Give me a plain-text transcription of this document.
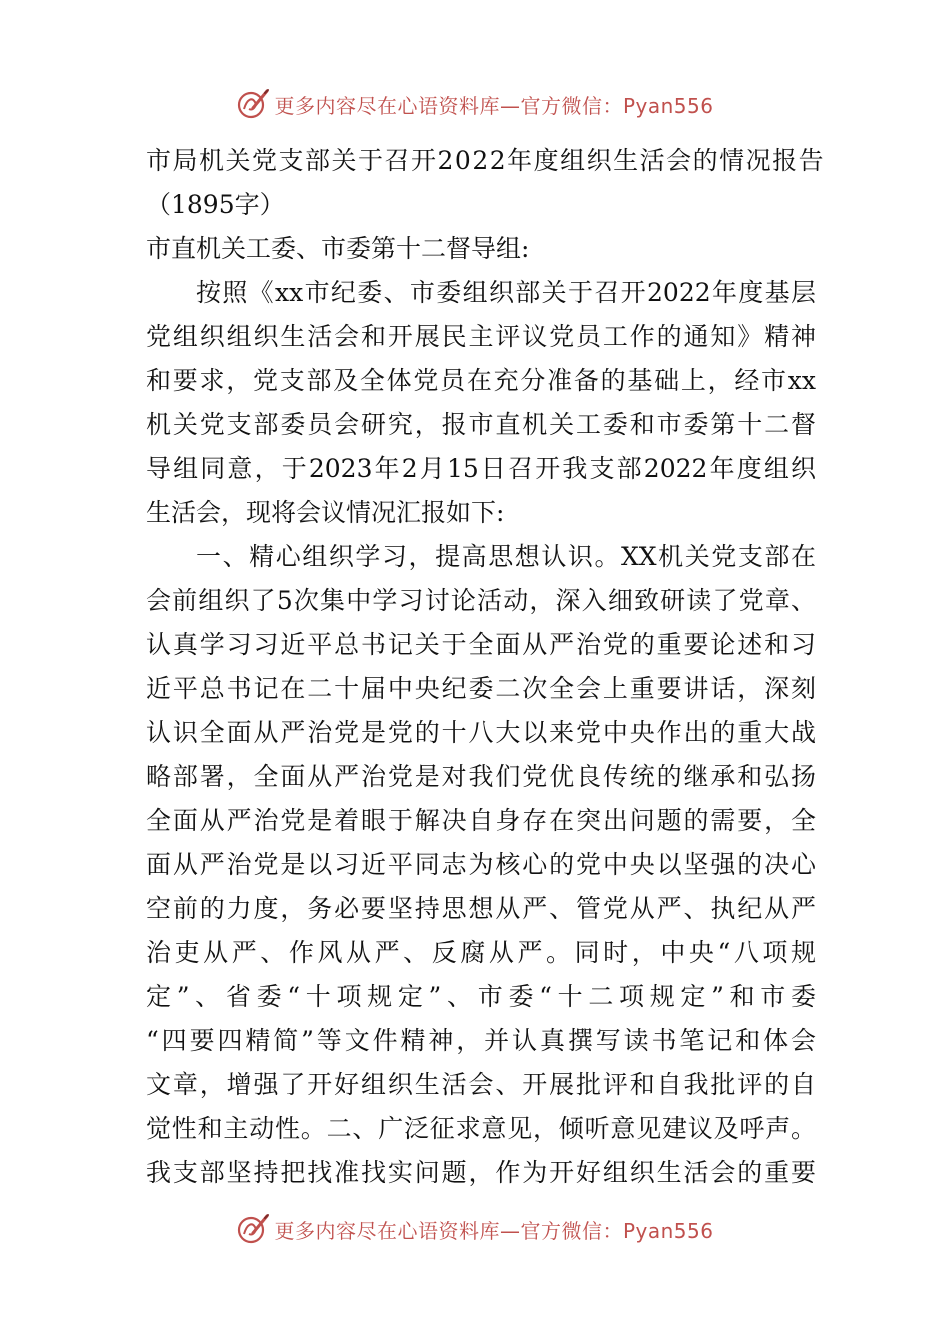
更多内容尽在心语资料库—官方微信：Pyan556
市局机关党支部关于召开2022年度组织生活会的情况报告
（1895字）
市直机关工委、市委第十二督导组:
按照《xx市纪委、市委组织部关于召开2022年度基层
党组织组织生活会和开展民主评议党员工作的通知》精神
和要求，党支部及全体党员在充分准备的基础上，经市xx
机关党支部委员会研究，报市直机关工委和市委第十二督
导组同意，于2023年2月15日召开我支部2022年度组织
生活会，现将会议情况汇报如下:
一、精心组织学习，提高思想认识。XX机关党支部在
会前组织了5次集中学习讨论活动，深入细致研读了党章、
认真学习习近平总书记关于全面从严治党的重要论述和习
近平总书记在二十届中央纪委二次全会上重要讲话，深刻
认识全面从严治党是党的十八大以来党中央作出的重大战
略部署，全面从严治党是对我们党优良传统的继承和弘扬
全面从严治党是着眼于解决自身存在突出问题的需要，全
面从严治党是以习近平同志为核心的党中央以坚强的决心
空前的力度，务必要坚持思想从严、管党从严、执纪从严
治吏从严、作风从严、反腐从严。同时，中央“八项规
定”、省委“十项规定”、市委“十二项规定”和市委
“四要四精简”等文件精神，并认真撰写读书笔记和体会
文章，增强了开好组织生活会、开展批评和自我批评的自
觉性和主动性。二、广泛征求意见，倾听意见建议及呼声。
我支部坚持把找准找实问题，作为开好组织生活会的重要
更多内容尽在心语资料库—官方微信：Pyan556
